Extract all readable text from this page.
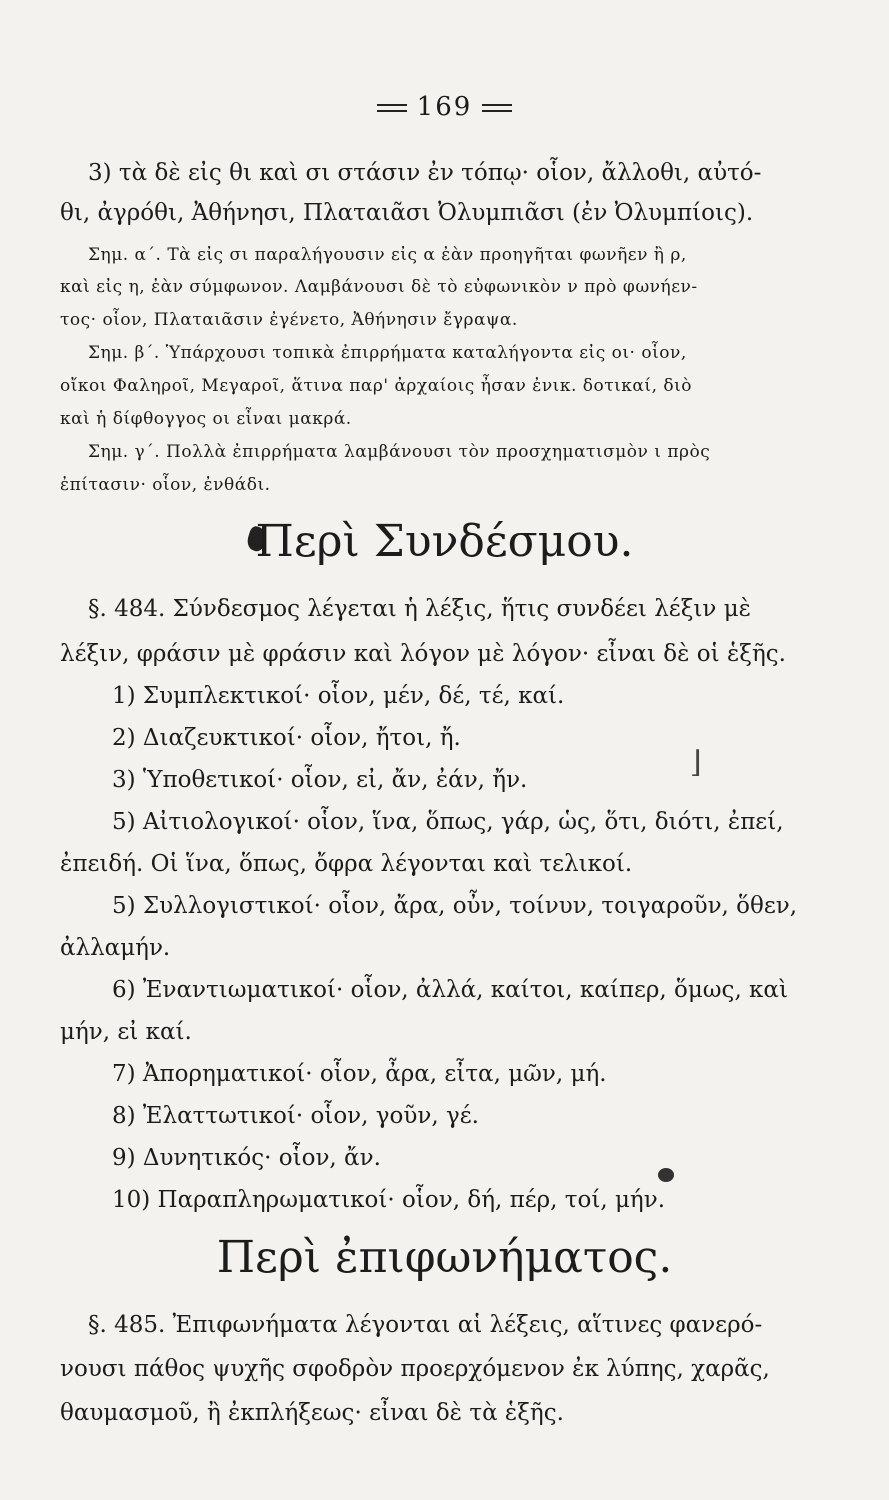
169
3) τὰ δὲ εἰς θι καὶ σι στάσιν ἐν τόπῳ· οἷον, ἄλλοθι, αὐτό-
θι, ἀγρόθι, Ἀθήνησι, Πλαταιᾶσι Ὀλυμπιᾶσι (ἐν Ὀλυμπίοις).
Σημ. α΄. Τὰ εἰς σι παραλήγουσιν εἰς α ἐὰν προηγῆται φωνῆεν ἢ ρ,
καὶ εἰς η, ἐὰν σύμφωνον. Λαμβάνουσι δὲ τὸ εὐφωνικὸν ν πρὸ φωνήεν-
τος· οἷον, Πλαταιᾶσιν ἐγένετο, Ἀθήνησιν ἔγραψα.
Σημ. β΄. Ὑπάρχουσι τοπικὰ ἐπιρρήματα καταλήγοντα εἰς οι· οἷον,
οἴκοι Φαληροῖ, Μεγαροῖ, ἅτινα παρ' ἀρχαίοις ἦσαν ἐνικ. δοτικαί, διὸ
καὶ ἡ δίφθογγος οι εἶναι μακρά.
Σημ. γ΄. Πολλὰ ἐπιρρήματα λαμβάνουσι τὸν προσχηματισμὸν ι πρὸς
ἐπίτασιν· οἷον, ἐνθάδι.
Περὶ Συνδέσμου.
§. 484. Σύνδεσμος λέγεται ἡ λέξις, ἥτις συνδέει λέξιν μὲ
λέξιν, φράσιν μὲ φράσιν καὶ λόγον μὲ λόγον· εἶναι δὲ οἱ ἑξῆς.
1) Συμπλεκτικοί· οἷον, μέν, δέ, τέ, καί.
2) Διαζευκτικοί· οἷον, ἤτοι, ἤ.
3) Ὑποθετικοί· οἷον, εἰ, ἄν, ἐάν, ἤν.
5) Αἰτιολογικοί· οἷον, ἵνα, ὅπως, γάρ, ὡς, ὅτι, διότι, ἐπεί,
ἐπειδή. Οἱ ἵνα, ὅπως, ὄφρα λέγονται καὶ τελικοί.
5) Συλλογιστικοί· οἷον, ἄρα, οὖν, τοίνυν, τοιγαροῦν, ὅθεν,
ἀλλαμήν.
6) Ἐναντιωματικοί· οἷον, ἀλλά, καίτοι, καίπερ, ὅμως, καὶ
μήν, εἰ καί.
7) Ἀπορηματικοί· οἷον, ἆρα, εἶτα, μῶν, μή.
8) Ἐλαττωτικοί· οἷον, γοῦν, γέ.
9) Δυνητικός· οἷον, ἄν.
10) Παραπληρωματικοί· οἷον, δή, πέρ, τοί, μήν.
⌋
Περὶ ἐπιφωνήματος.
§. 485. Ἐπιφωνήματα λέγονται αἱ λέξεις, αἵτινες φανερό-
νουσι πάθος ψυχῆς σφοδρὸν προερχόμενον ἐκ λύπης, χαρᾶς,
θαυμασμοῦ, ἢ ἐκπλήξεως· εἶναι δὲ τὰ ἑξῆς.
